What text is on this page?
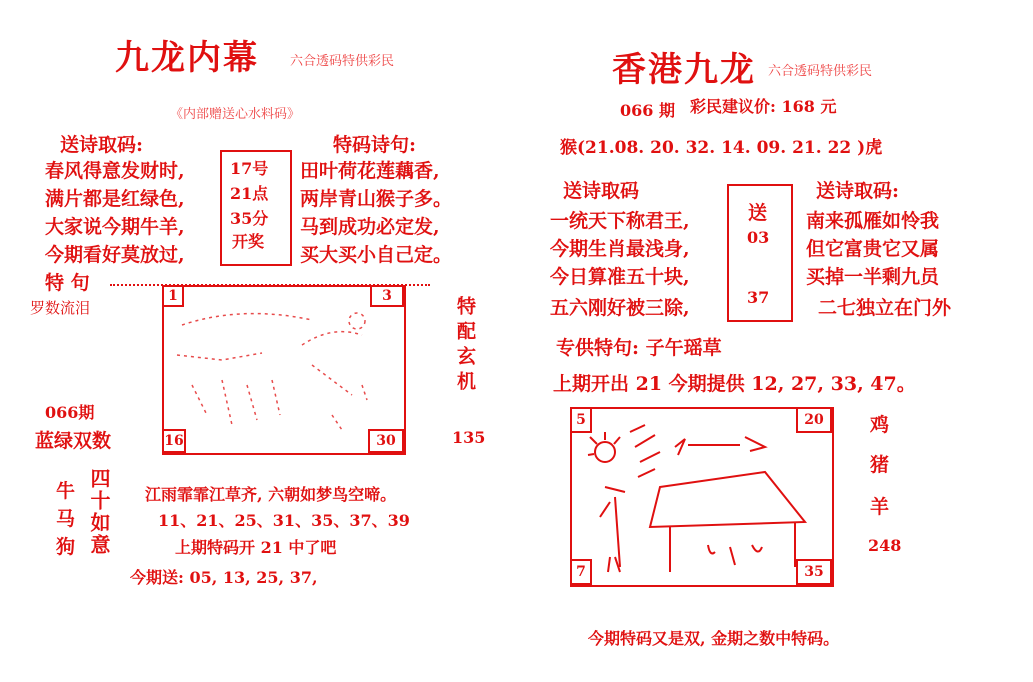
九龙内幕 六合透码特供彩民
《内部赠送心水料码》
送诗取码:	特码诗句:
春风得意发财时,
满片都是红绿色,
大家说今期牛羊,
今期看好莫放过,
17号
21点
35分
开奖
田叶荷花莲藕香,
两岸青山猴子多。
马到成功必定发,
买大买小自己定。
特 句
罗数流泪
1	3
16	30
特配玄机
135
066期
蓝绿双数
牛
马
狗 四十如意 江雨霏霏江草齐, 六朝如梦鸟空啼。
11、21、25、31、35、37、39
上期特码开 21 中了吧
今期送: 05, 13, 25, 37,
香港九龙 六合透码特供彩民
066 期 彩民建议价: 168 元
猴(21.08. 20. 32. 14. 09. 21. 22 )虎
送诗取码	送诗取码:
一统天下称君王,
今期生肖最浅身,
今日算准五十块,
五六刚好被三除,
送
03
37
南来孤雁如怜我
但它富贵它又属
买掉一半剩九员
二七独立在门外
专供特句: 子午瑶草
上期开出 21 今期提供 12, 27, 33, 47。
5	20
7	35
鸡
猪
羊
248
今期特码又是双, 金期之数中特码。
